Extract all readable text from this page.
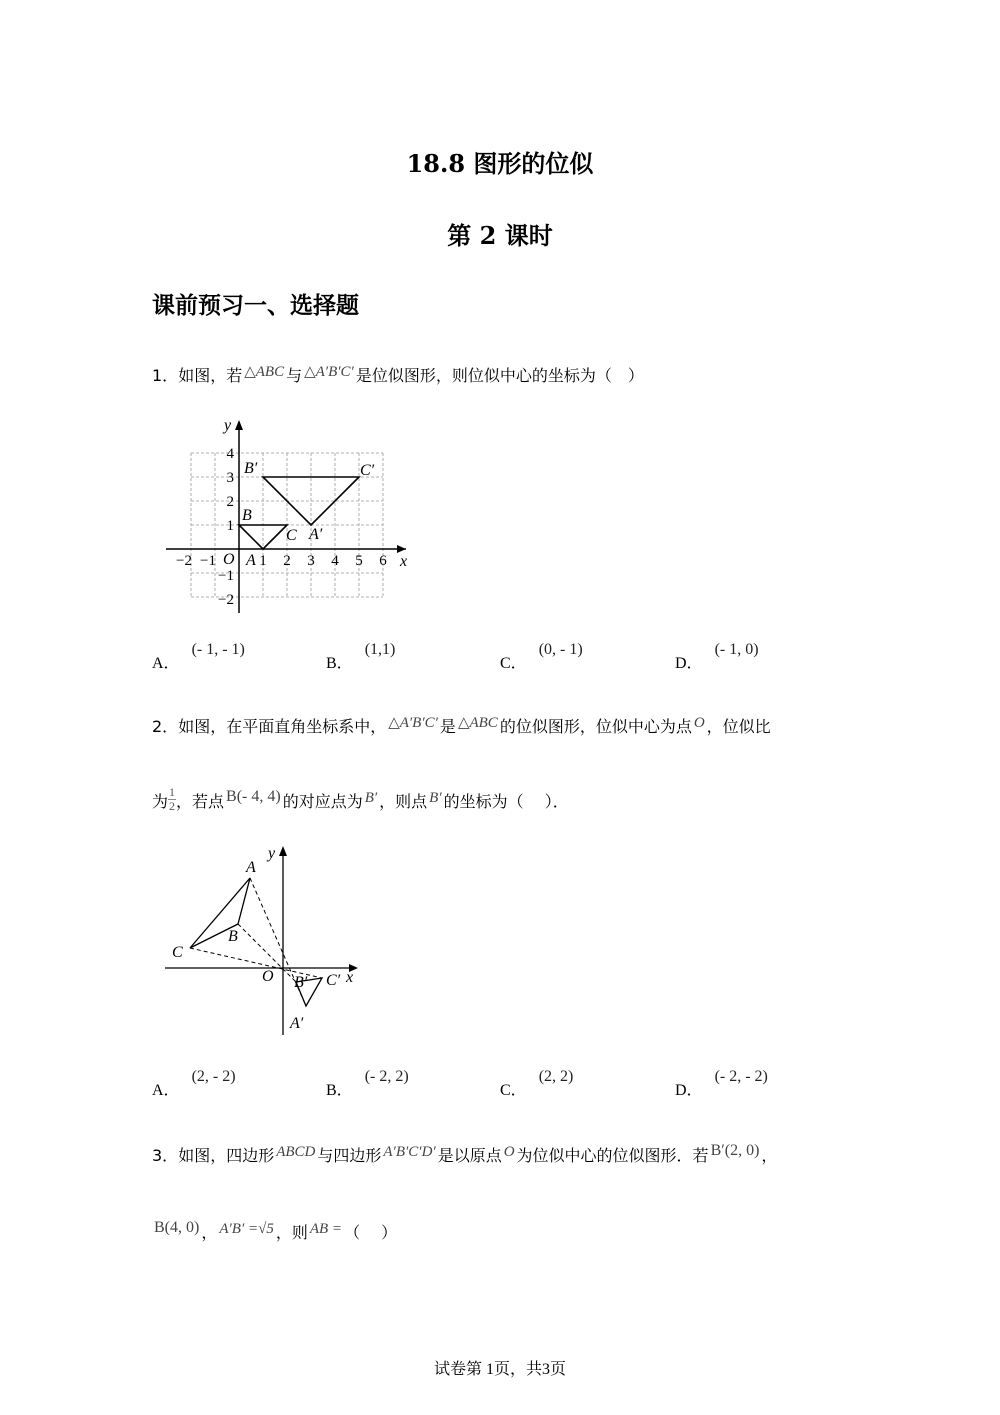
18.8 图形的位似
第 2 课时
课前预习一、选择题
1．如图，若 △ABC 与 △A′B′C′ 是位似图形，则位似中心的坐标为（　）
y
x
O
B′	C′
A′
B
C
A
−2 −1	1 2 3 4 5 6
4
3
2
1
−1
−2
A．(- 1, - 1)
B．(1,1)
C．(0, - 1)
D．(- 1, 0)
2．如图，在平面直角坐标系中， △A′B′C′ 是 △ABC 的位似图形，位似中心为点 O ，位似比
为 $\frac{1}{2}$，若点 B(- 4, 4) 的对应点为 B′ ，则点 B′ 的坐标为（　 ）．
A
B
C
O B′ C′
A′
x
y
A．(2, - 2)
B．(- 2, 2)
C．(2, 2)
D．(- 2, - 2)
3．如图，四边形 ABCD 与四边形 A′B′C′D′ 是以原点 O 为位似中心的位似图形．若 B′(2, 0) ，
B(4, 0) ， A′B′ =√5 ，则 AB = （　 ）
试卷第 1页，共3页
